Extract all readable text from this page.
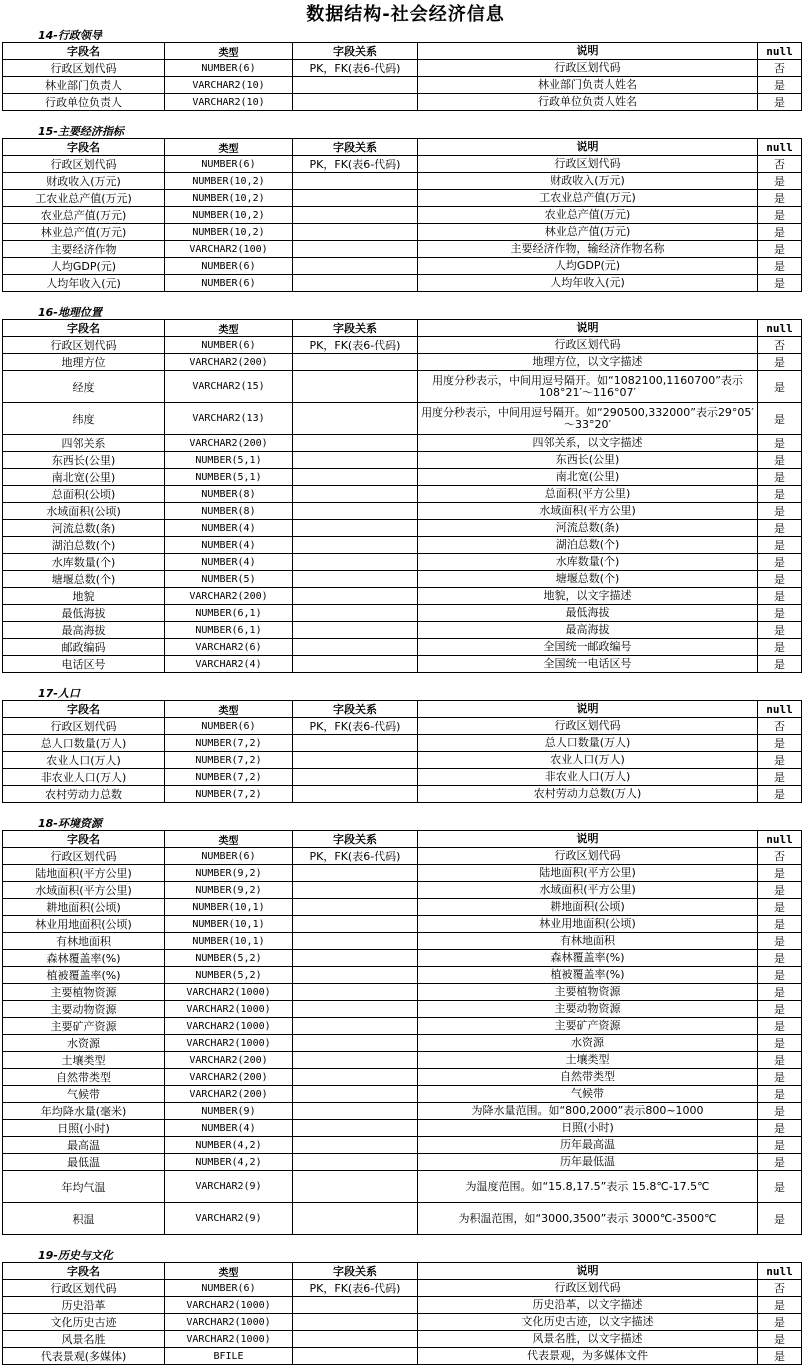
数据结构-社会经济信息
14-行政领导
字段名	类型	字段关系	说明	null
行政区划代码	NUMBER(6)	PK，FK(表6-代码)	行政区划代码	否
林业部门负责人	VARCHAR2(10)		林业部门负责人姓名	是
行政单位负责人	VARCHAR2(10)		行政单位负责人姓名	是
15-主要经济指标
字段名	类型	字段关系	说明	null
行政区划代码	NUMBER(6)	PK，FK(表6-代码)	行政区划代码	否
财政收入(万元)	NUMBER(10,2)		财政收入(万元)	是
工农业总产值(万元)	NUMBER(10,2)		工农业总产值(万元)	是
农业总产值(万元)	NUMBER(10,2)		农业总产值(万元)	是
林业总产值(万元)	NUMBER(10,2)		林业总产值(万元)	是
主要经济作物	VARCHAR2(100)		主要经济作物，输经济作物名称	是
人均GDP(元)	NUMBER(6)		人均GDP(元)	是
人均年收入(元)	NUMBER(6)		人均年收入(元)	是
16-地理位置
字段名	类型	字段关系	说明	null
行政区划代码	NUMBER(6)	PK，FK(表6-代码)	行政区划代码	否
地理方位	VARCHAR2(200)		地理方位，以文字描述	是
经度	VARCHAR2(15)		用度分秒表示，中间用逗号隔开。如“1082100,1160700”表示108°21′～116°07′	是
纬度	VARCHAR2(13)		用度分秒表示，中间用逗号隔开。如“290500,332000”表示29°05′～33°20′	是
四邻关系	VARCHAR2(200)		四邻关系，以文字描述	是
东西长(公里)	NUMBER(5,1)		东西长(公里)	是
南北宽(公里)	NUMBER(5,1)		南北宽(公里)	是
总面积(公顷)	NUMBER(8)		总面积(平方公里)	是
水域面积(公顷)	NUMBER(8)		水域面积(平方公里)	是
河流总数(条)	NUMBER(4)		河流总数(条)	是
湖泊总数(个)	NUMBER(4)		湖泊总数(个)	是
水库数量(个)	NUMBER(4)		水库数量(个)	是
塘堰总数(个)	NUMBER(5)		塘堰总数(个)	是
地貌	VARCHAR2(200)		地貌，以文字描述	是
最低海拔	NUMBER(6,1)		最低海拔	是
最高海拔	NUMBER(6,1)		最高海拔	是
邮政编码	VARCHAR2(6)		全国统一邮政编号	是
电话区号	VARCHAR2(4)		全国统一电话区号	是
17-人口
字段名	类型	字段关系	说明	null
行政区划代码	NUMBER(6)	PK，FK(表6-代码)	行政区划代码	否
总人口数量(万人)	NUMBER(7,2)		总人口数量(万人)	是
农业人口(万人)	NUMBER(7,2)		农业人口(万人)	是
非农业人口(万人)	NUMBER(7,2)		非农业人口(万人)	是
农村劳动力总数	NUMBER(7,2)		农村劳动力总数(万人)	是
18-环境资源
字段名	类型	字段关系	说明	null
行政区划代码	NUMBER(6)	PK，FK(表6-代码)	行政区划代码	否
陆地面积(平方公里)	NUMBER(9,2)		陆地面积(平方公里)	是
水域面积(平方公里)	NUMBER(9,2)		水域面积(平方公里)	是
耕地面积(公顷)	NUMBER(10,1)		耕地面积(公顷)	是
林业用地面积(公顷)	NUMBER(10,1)		林业用地面积(公顷)	是
有林地面积	NUMBER(10,1)		有林地面积	是
森林覆盖率(%)	NUMBER(5,2)		森林覆盖率(%)	是
植被覆盖率(%)	NUMBER(5,2)		植被覆盖率(%)	是
主要植物资源	VARCHAR2(1000)		主要植物资源	是
主要动物资源	VARCHAR2(1000)		主要动物资源	是
主要矿产资源	VARCHAR2(1000)		主要矿产资源	是
水资源	VARCHAR2(1000)		水资源	是
土壤类型	VARCHAR2(200)		土壤类型	是
自然带类型	VARCHAR2(200)		自然带类型	是
气候带	VARCHAR2(200)		气候带	是
年均降水量(毫米)	NUMBER(9)		为降水量范围。如“800,2000”表示800~1000	是
日照(小时)	NUMBER(4)		日照(小时)	是
最高温	NUMBER(4,2)		历年最高温	是
最低温	NUMBER(4,2)		历年最低温	是
年均气温	VARCHAR2(9)		为温度范围。如“15.8,17.5”表示 15.8℃-17.5℃	是
积温	VARCHAR2(9)		为积温范围，如“3000,3500”表示 3000℃-3500℃	是
19-历史与文化
字段名	类型	字段关系	说明	null
行政区划代码	NUMBER(6)	PK，FK(表6-代码)	行政区划代码	否
历史沿革	VARCHAR2(1000)		历史沿革，以文字描述	是
文化历史古迹	VARCHAR2(1000)		文化历史古迹，以文字描述	是
风景名胜	VARCHAR2(1000)		风景名胜，以文字描述	是
代表景观(多媒体)	BFILE		代表景观，为多媒体文件	是
